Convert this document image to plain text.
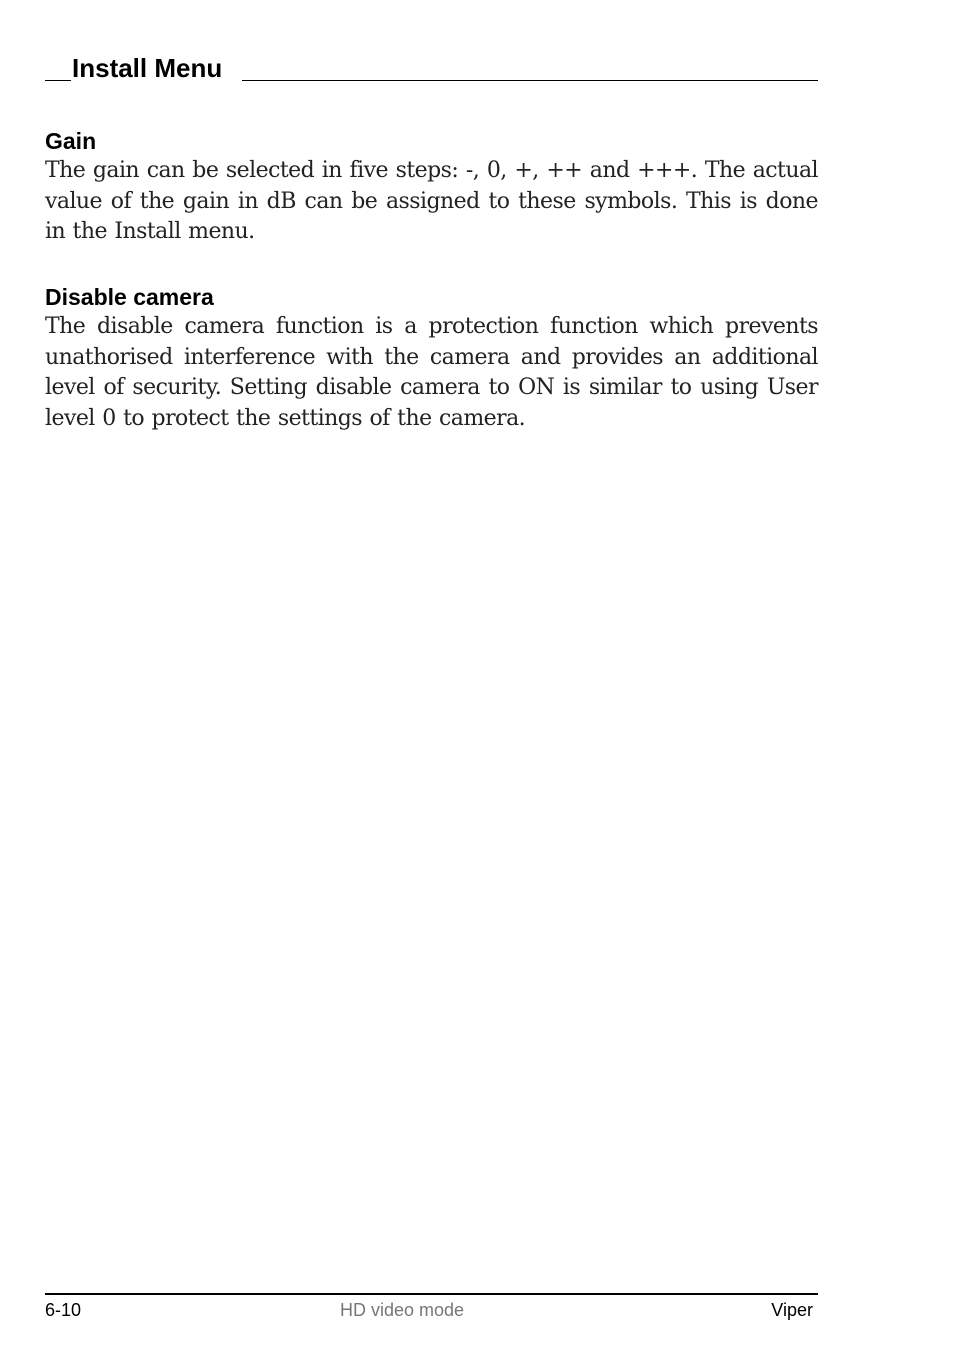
Install Menu
Gain

The gain can be selected in five steps: -, 0, +, ++ and +++. The actual value of the gain in dB can be assigned to these symbols. This is done in the Install menu.

Disable camera

The disable camera function is a protection function which prevents unathorised interference with the camera and provides an additional level of security. Setting disable camera to ON is similar to using User level 0 to protect the settings of the camera.

6-10	HD video mode	Viper
